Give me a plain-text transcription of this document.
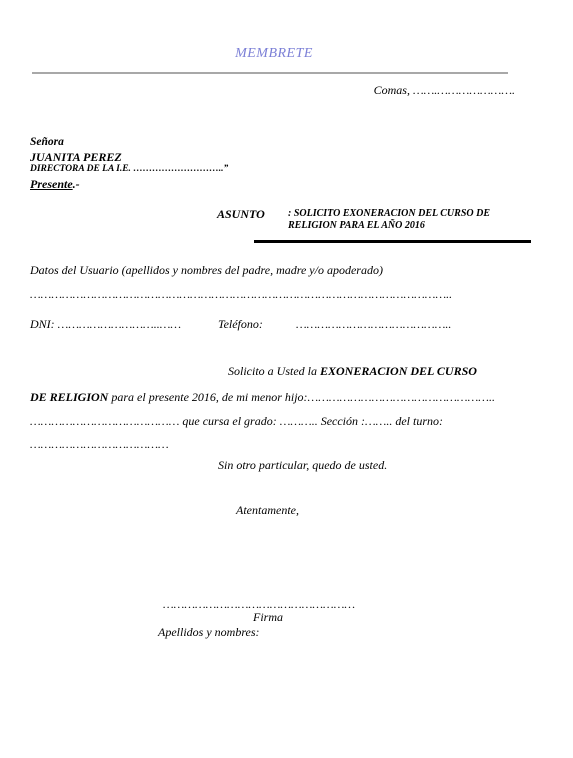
MEMBRETE
Comas, …….………………….
Señora
JUANITA PEREZ
DIRECTORA DE LA I.E. ………………………..”
Presente.-
ASUNTO : SOLICITO EXONERACION DEL CURSO DE RELIGION PARA EL AÑO 2016
Datos del Usuario (apellidos y nombres del padre, madre y/o apoderado)
………………………………………………………………………………………………………..
DNI: ………………………..……	Teléfono:	……………………………………..
Solicito a Usted la EXONERACION DEL CURSO
DE RELIGION para el presente 2016, de mi menor hijo:……………………………………………..
…………………………………… que cursa el grado: ……….. Sección :…….. del turno:
…………………………………
Sin otro particular, quedo de usted.
Atentamente,
………………………………………………
Firma
Apellidos y nombres:
